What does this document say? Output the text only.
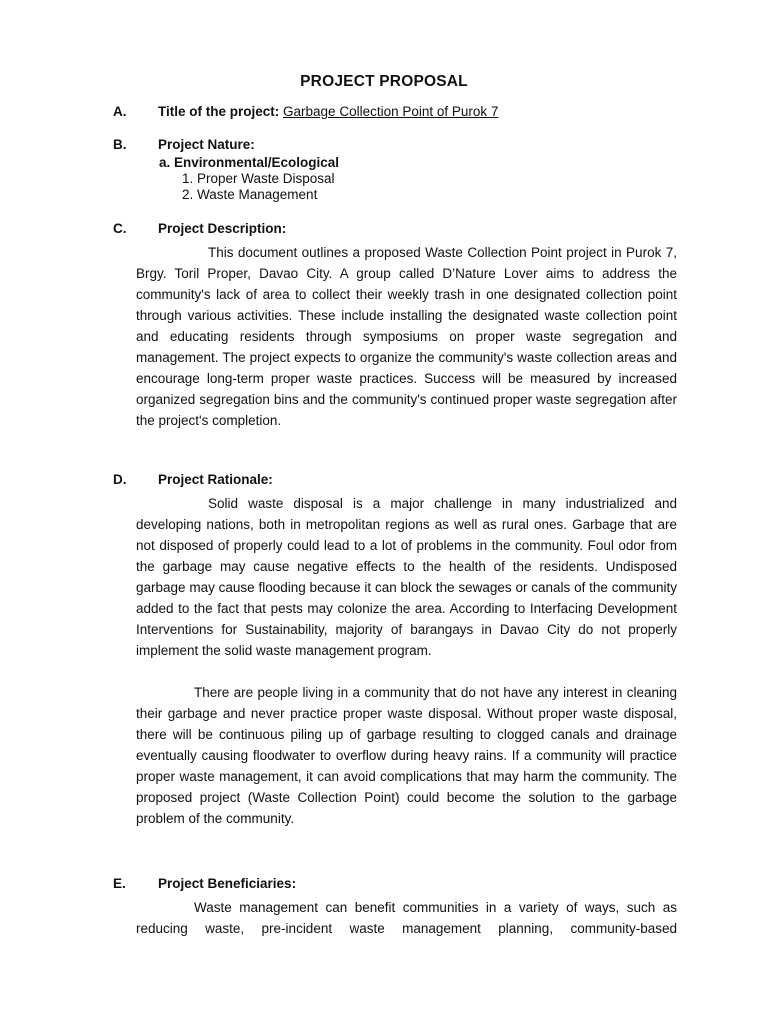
PROJECT PROPOSAL
A. Title of the project: Garbage Collection Point of Purok 7
B. Project Nature:
a. Environmental/Ecological
1. Proper Waste Disposal
2. Waste Management
C. Project Description:

This document outlines a proposed Waste Collection Point project in Purok 7, Brgy. Toril Proper, Davao City. A group called D’Nature Lover aims to address the community's lack of area to collect their weekly trash in one designated collection point through various activities. These include installing the designated waste collection point and educating residents through symposiums on proper waste segregation and management. The project expects to organize the community's waste collection areas and encourage long-term proper waste practices. Success will be measured by increased organized segregation bins and the community's continued proper waste segregation after the project's completion.

D. Project Rationale:

Solid waste disposal is a major challenge in many industrialized and developing nations, both in metropolitan regions as well as rural ones. Garbage that are not disposed of properly could lead to a lot of problems in the community. Foul odor from the garbage may cause negative effects to the health of the residents. Undisposed garbage may cause flooding because it can block the sewages or canals of the community added to the fact that pests may colonize the area. According to Interfacing Development Interventions for Sustainability, majority of barangays in Davao City do not properly implement the solid waste management program.

There are people living in a community that do not have any interest in cleaning their garbage and never practice proper waste disposal. Without proper waste disposal, there will be continuous piling up of garbage resulting to clogged canals and drainage eventually causing floodwater to overflow during heavy rains. If a community will practice proper waste management, it can avoid complications that may harm the community. The proposed project (Waste Collection Point) could become the solution to the garbage problem of the community.

E. Project Beneficiaries:

Waste management can benefit communities in a variety of ways, such as reducing waste, pre-incident waste management planning, community-based
